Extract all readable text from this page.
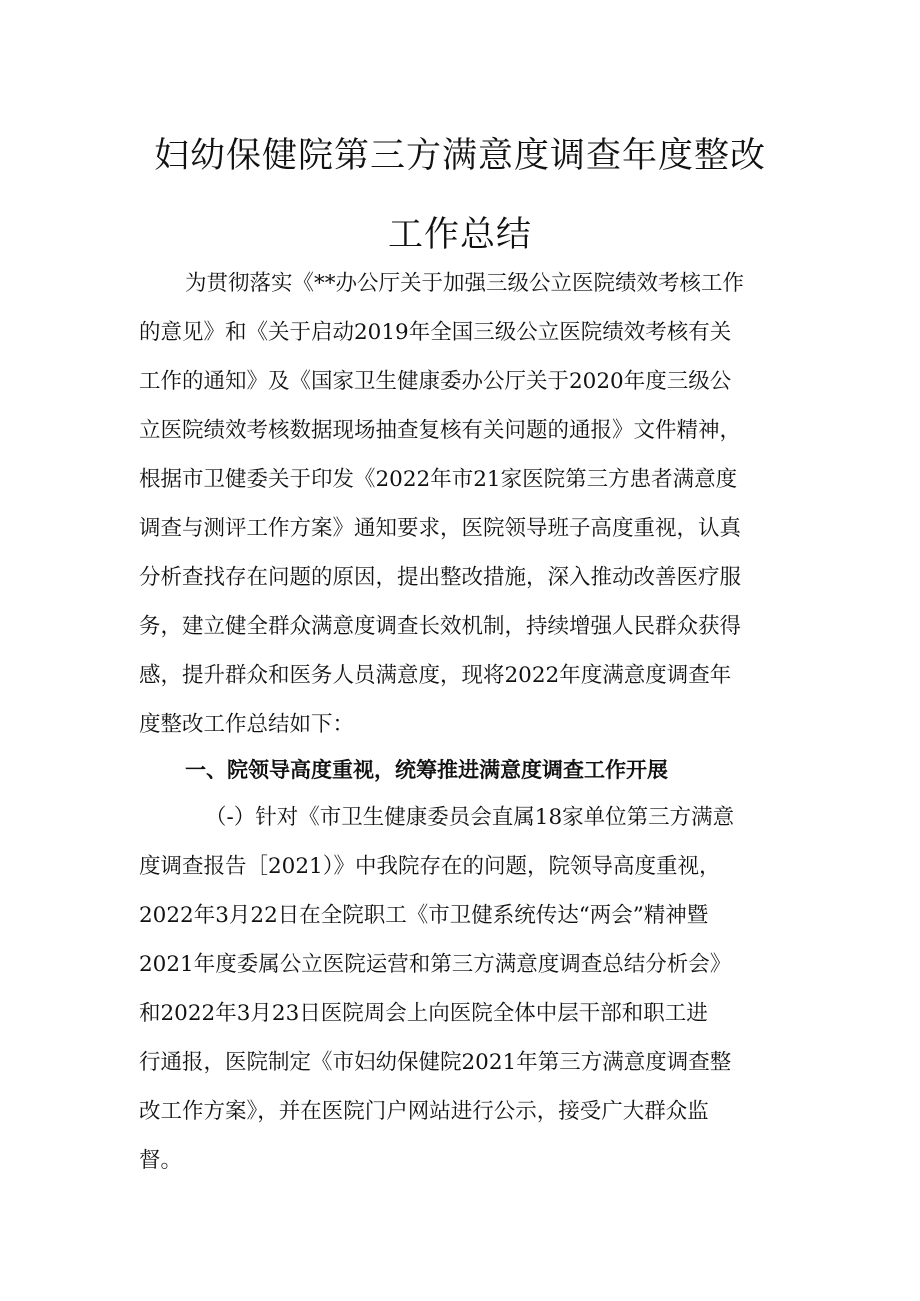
妇幼保健院第三方满意度调查年度整改
工作总结

为贯彻落实《**办公厅关于加强三级公立医院绩效考核工作

的意见》和《关于启动2019年全国三级公立医院绩效考核有关

工作的通知》及《国家卫生健康委办公厅关于2020年度三级公

立医院绩效考核数据现场抽查复核有关问题的通报》文件精神，

根据市卫健委关于印发《2022年市21家医院第三方患者满意度

调查与测评工作方案》通知要求，医院领导班子高度重视，认真

分析查找存在问题的原因，提出整改措施，深入推动改善医疗服

务，建立健全群众满意度调查长效机制，持续增强人民群众获得

感，提升群众和医务人员满意度，现将2022年度满意度调查年

度整改工作总结如下：

一、院领导高度重视，统筹推进满意度调查工作开展

（-）针对《市卫生健康委员会直属18家单位第三方满意

度调查报告［2021）》中我院存在的问题，院领导高度重视，

2022年3月22日在全院职工《市卫健系统传达“两会”精神暨

2021年度委属公立医院运营和第三方满意度调查总结分析会》

和2022年3月23日医院周会上向医院全体中层干部和职工进

行通报，医院制定《市妇幼保健院2021年第三方满意度调查整

改工作方案》，并在医院门户网站进行公示，接受广大群众监

督。
